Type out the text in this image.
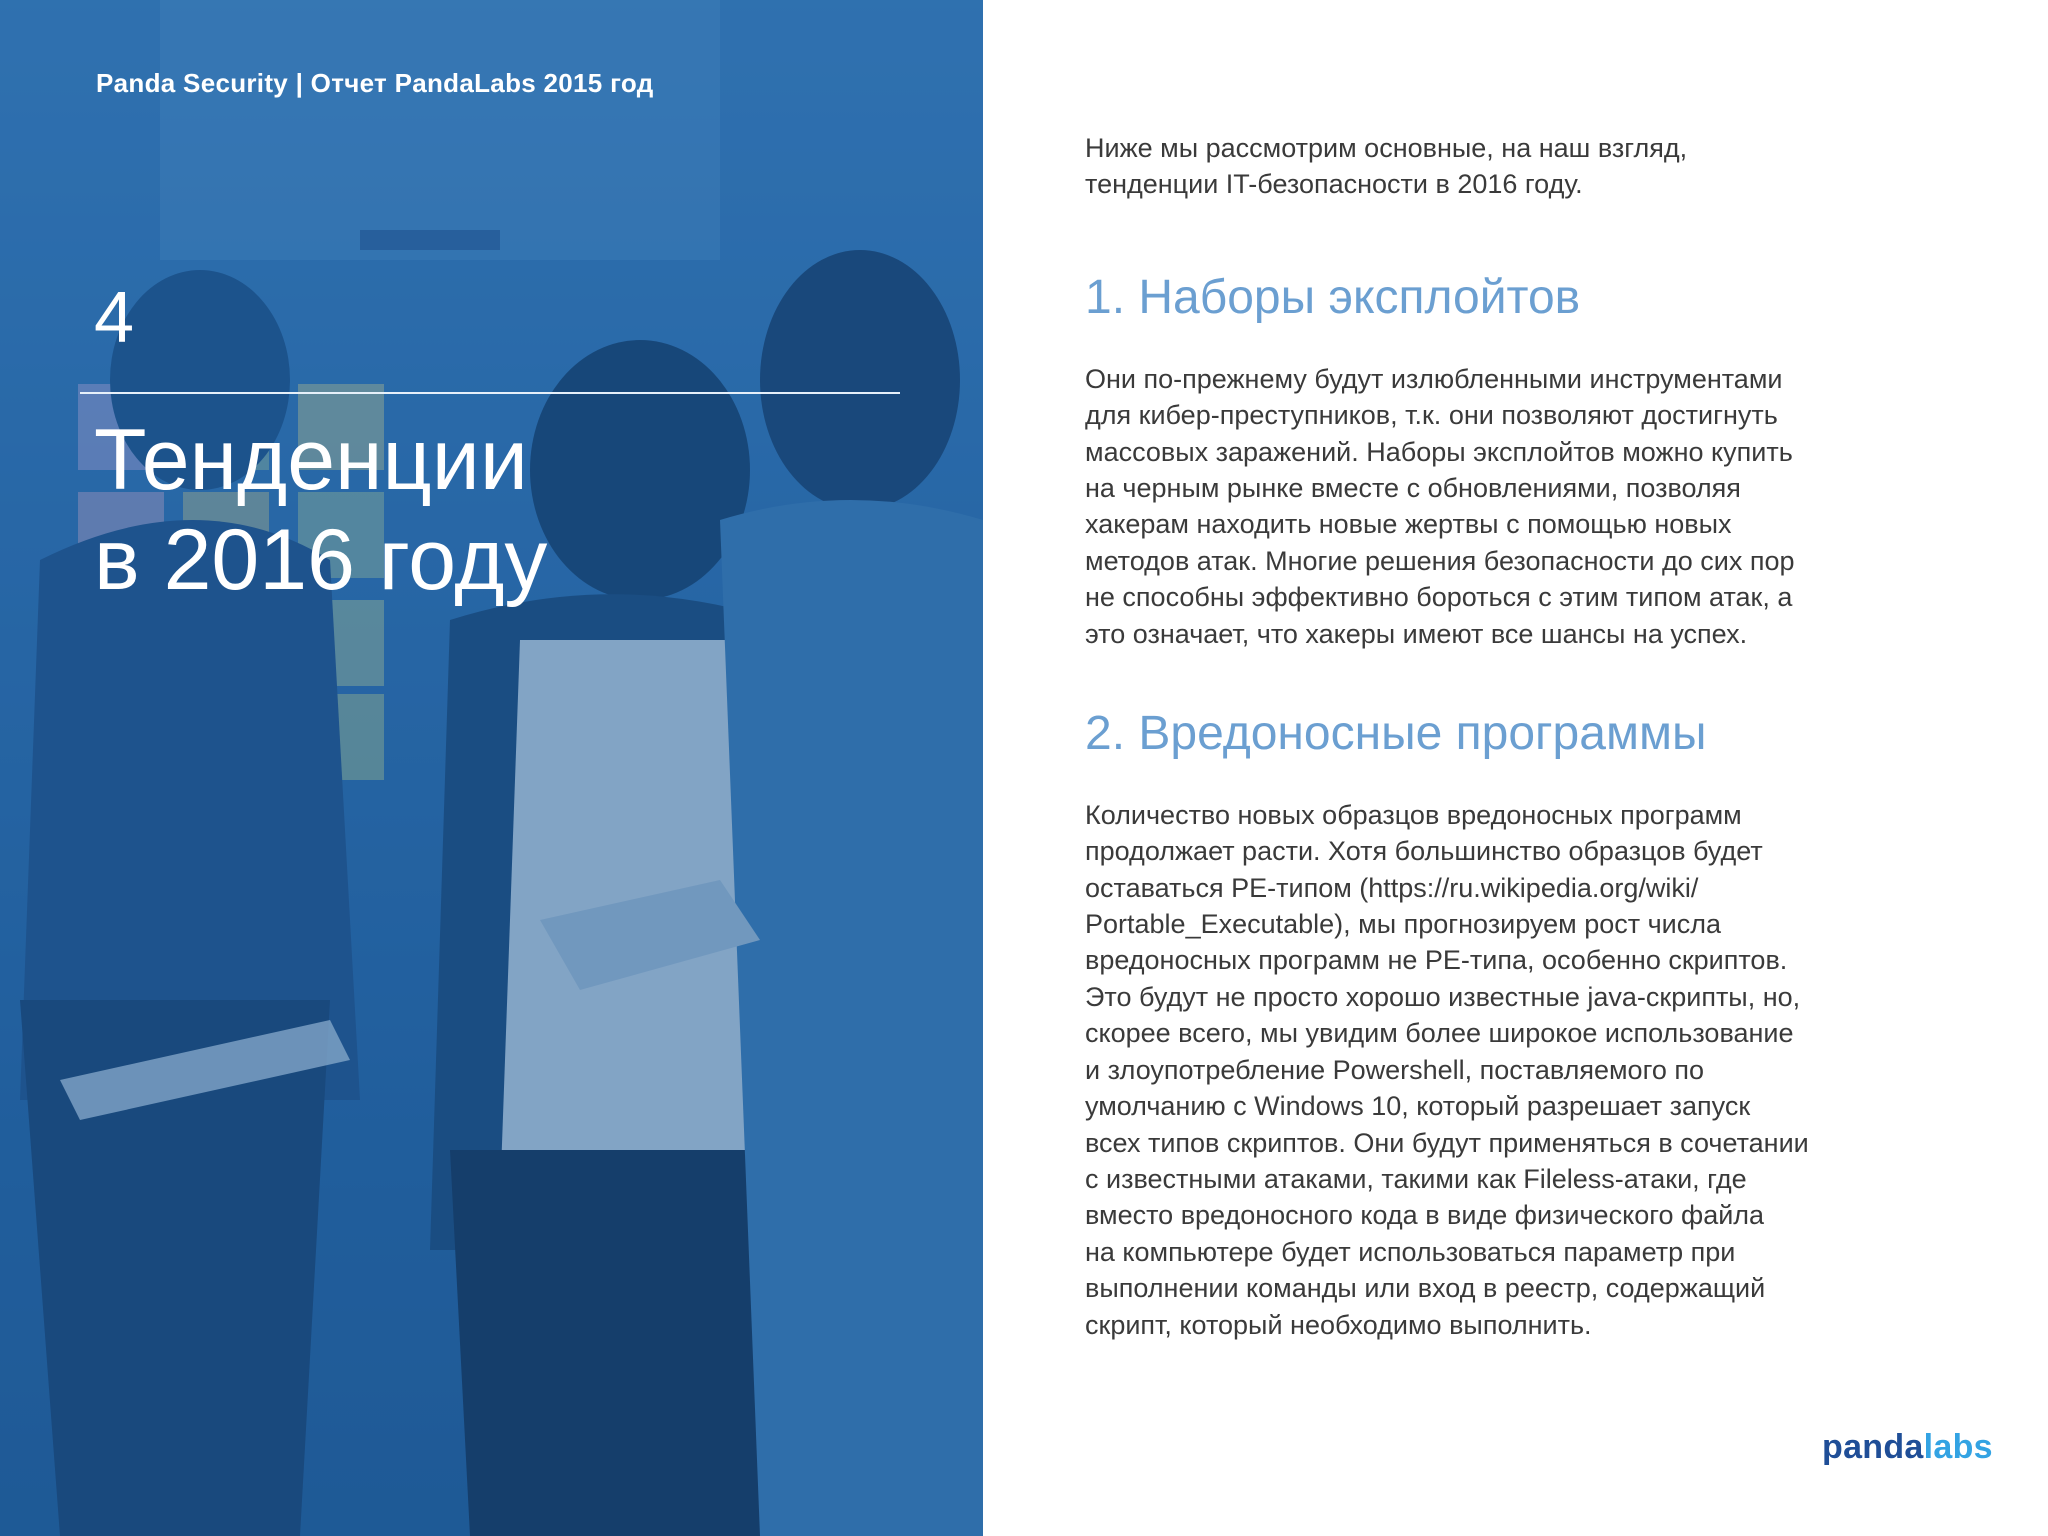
Panda Security | Отчет PandaLabs 2015 год
4
Тенденции
в 2016 году

Ниже мы рассмотрим основные, на наш взгляд,
тенденции IT-безопасности в 2016 году.

1. Наборы эксплойтов
Они по-прежнему будут излюбленными инструментами
для кибер-преступников, т.к. они позволяют достигнуть
массовых заражений. Наборы эксплойтов можно купить
на черным рынке вместе с обновлениями, позволяя
хакерам находить новые жертвы с помощью новых
методов атак. Многие решения безопасности до сих пор
не способны эффективно бороться с этим типом атак, а
это означает, что хакеры имеют все шансы на успех.
2. Вредоносные программы
Количество новых образцов вредоносных программ
продолжает расти. Хотя большинство образцов будет
оставаться PE-типом (https://ru.wikipedia.org/wiki/
Portable_Executable), мы прогнозируем рост числа
вредоносных программ не PE-типа, особенно скриптов.
Это будут не просто хорошо известные java-скрипты, но,
скорее всего, мы увидим более широкое использование
и злоупотребление Powershell, поставляемого по
умолчанию с Windows 10, который разрешает запуск
всех типов скриптов. Они будут применяться в сочетании
с известными атаками, такими как Fileless-атаки, где
вместо вредоносного кода в виде физического файла
на компьютере будет использоваться параметр при
выполнении команды или вход в реестр, содержащий
скрипт, который необходимо выполнить.
pandalabs
